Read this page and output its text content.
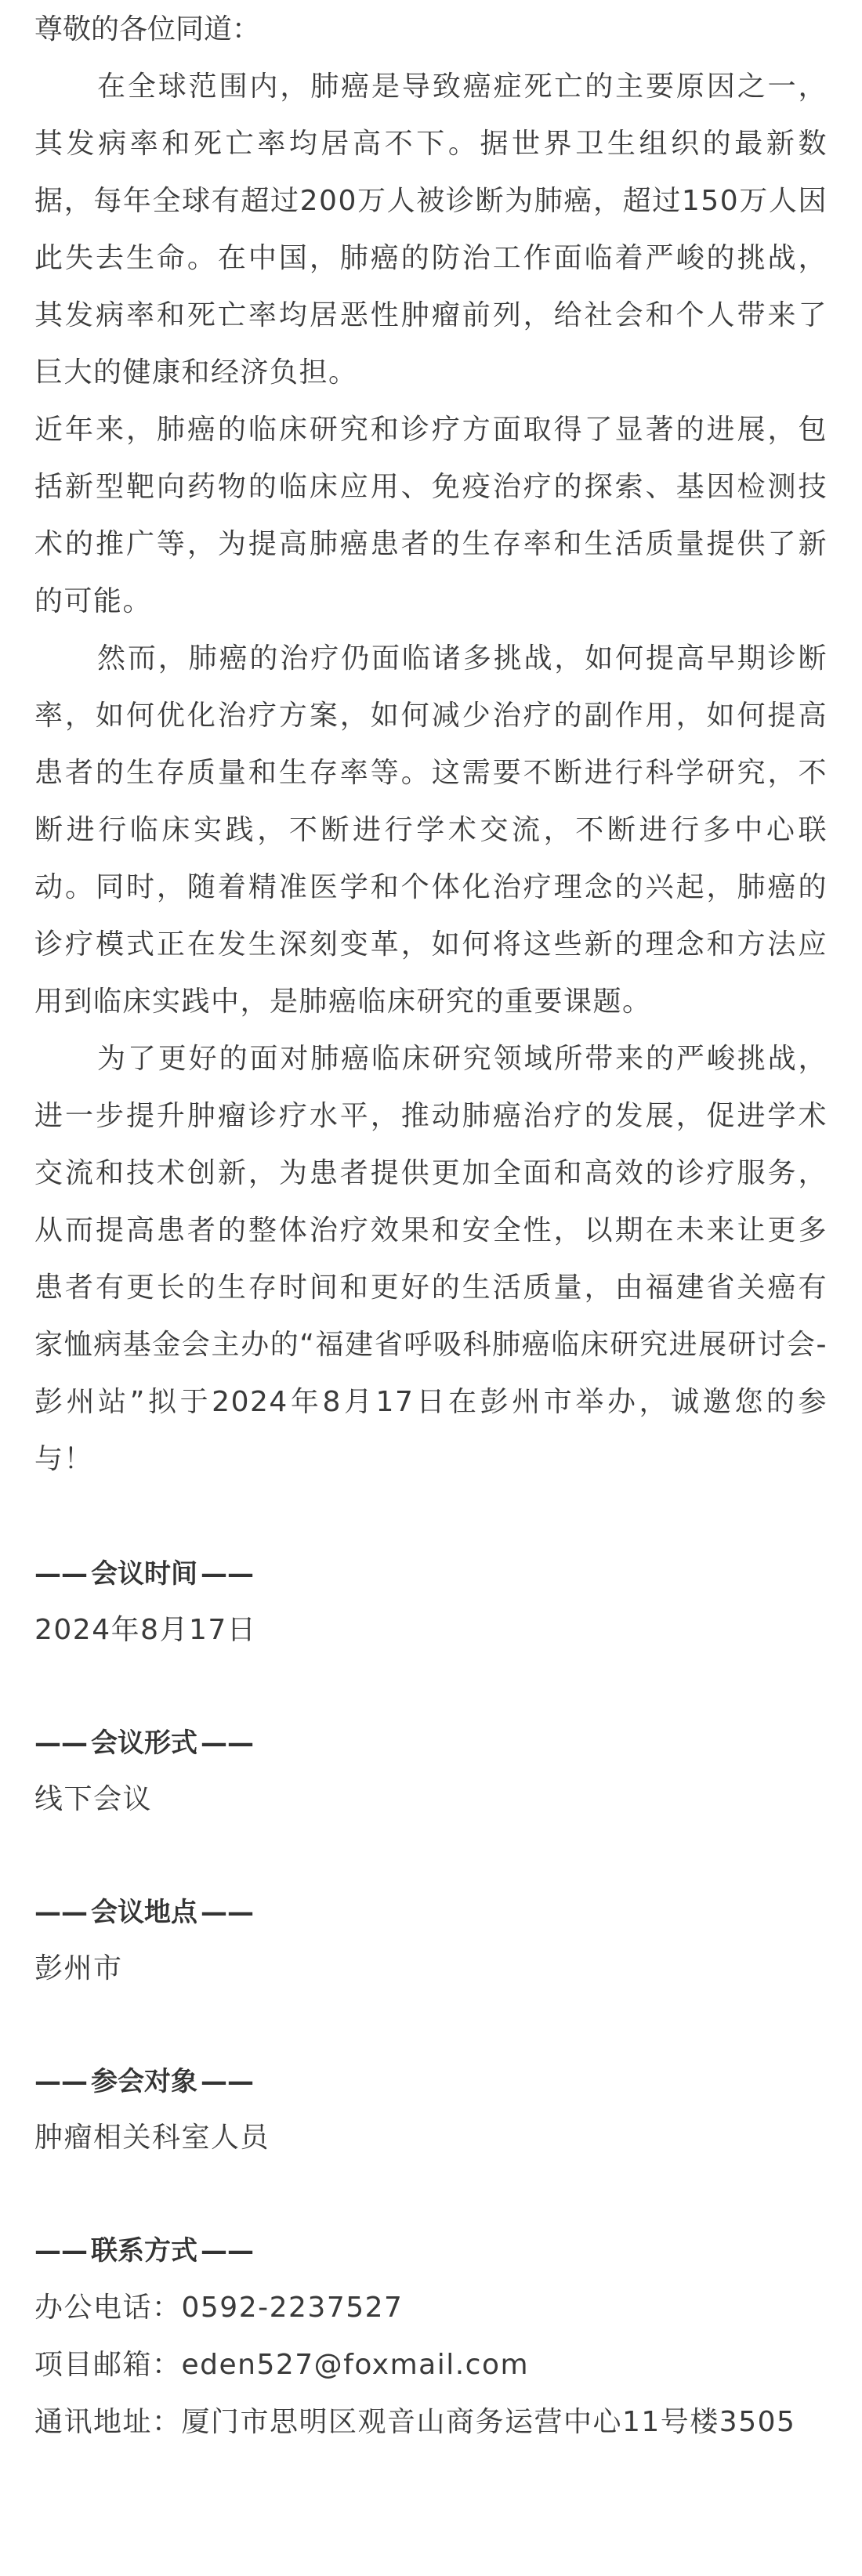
尊敬的各位同道：

在全球范围内，肺癌是导致癌症死亡的主要原因之一，其发病率和死亡率均居高不下。据世界卫生组织的最新数据，每年全球有超过200万人被诊断为肺癌，超过150万人因此失去生命。在中国，肺癌的防治工作面临着严峻的挑战，其发病率和死亡率均居恶性肿瘤前列，给社会和个人带来了巨大的健康和经济负担。

近年来，肺癌的临床研究和诊疗方面取得了显著的进展，包括新型靶向药物的临床应用、免疫治疗的探索、基因检测技术的推广等，为提高肺癌患者的生存率和生活质量提供了新的可能。

然而，肺癌的治疗仍面临诸多挑战，如何提高早期诊断率，如何优化治疗方案，如何减少治疗的副作用，如何提高患者的生存质量和生存率等。这需要不断进行科学研究，不断进行临床实践，不断进行学术交流，不断进行多中心联动。同时，随着精准医学和个体化治疗理念的兴起，肺癌的诊疗模式正在发生深刻变革，如何将这些新的理念和方法应用到临床实践中，是肺癌临床研究的重要课题。

为了更好的面对肺癌临床研究领域所带来的严峻挑战，进一步提升肿瘤诊疗水平，推动肺癌治疗的发展，促进学术交流和技术创新，为患者提供更加全面和高效的诊疗服务，从而提高患者的整体治疗效果和安全性，以期在未来让更多患者有更长的生存时间和更好的生活质量，由福建省关癌有家恤病基金会主办的“福建省呼吸科肺癌临床研究进展研讨会-彭州站”拟于2024年8月17日在彭州市举办，诚邀您的参与！

—— 会议时间 ——

2024年8月17日

—— 会议形式 ——

线下会议

—— 会议地点 ——

彭州市

—— 参会对象 ——

肿瘤相关科室人员

—— 联系方式 ——

办公电话：0592-2237527

项目邮箱：eden527@foxmail.com

通讯地址：厦门市思明区观音山商务运营中心11号楼3505
